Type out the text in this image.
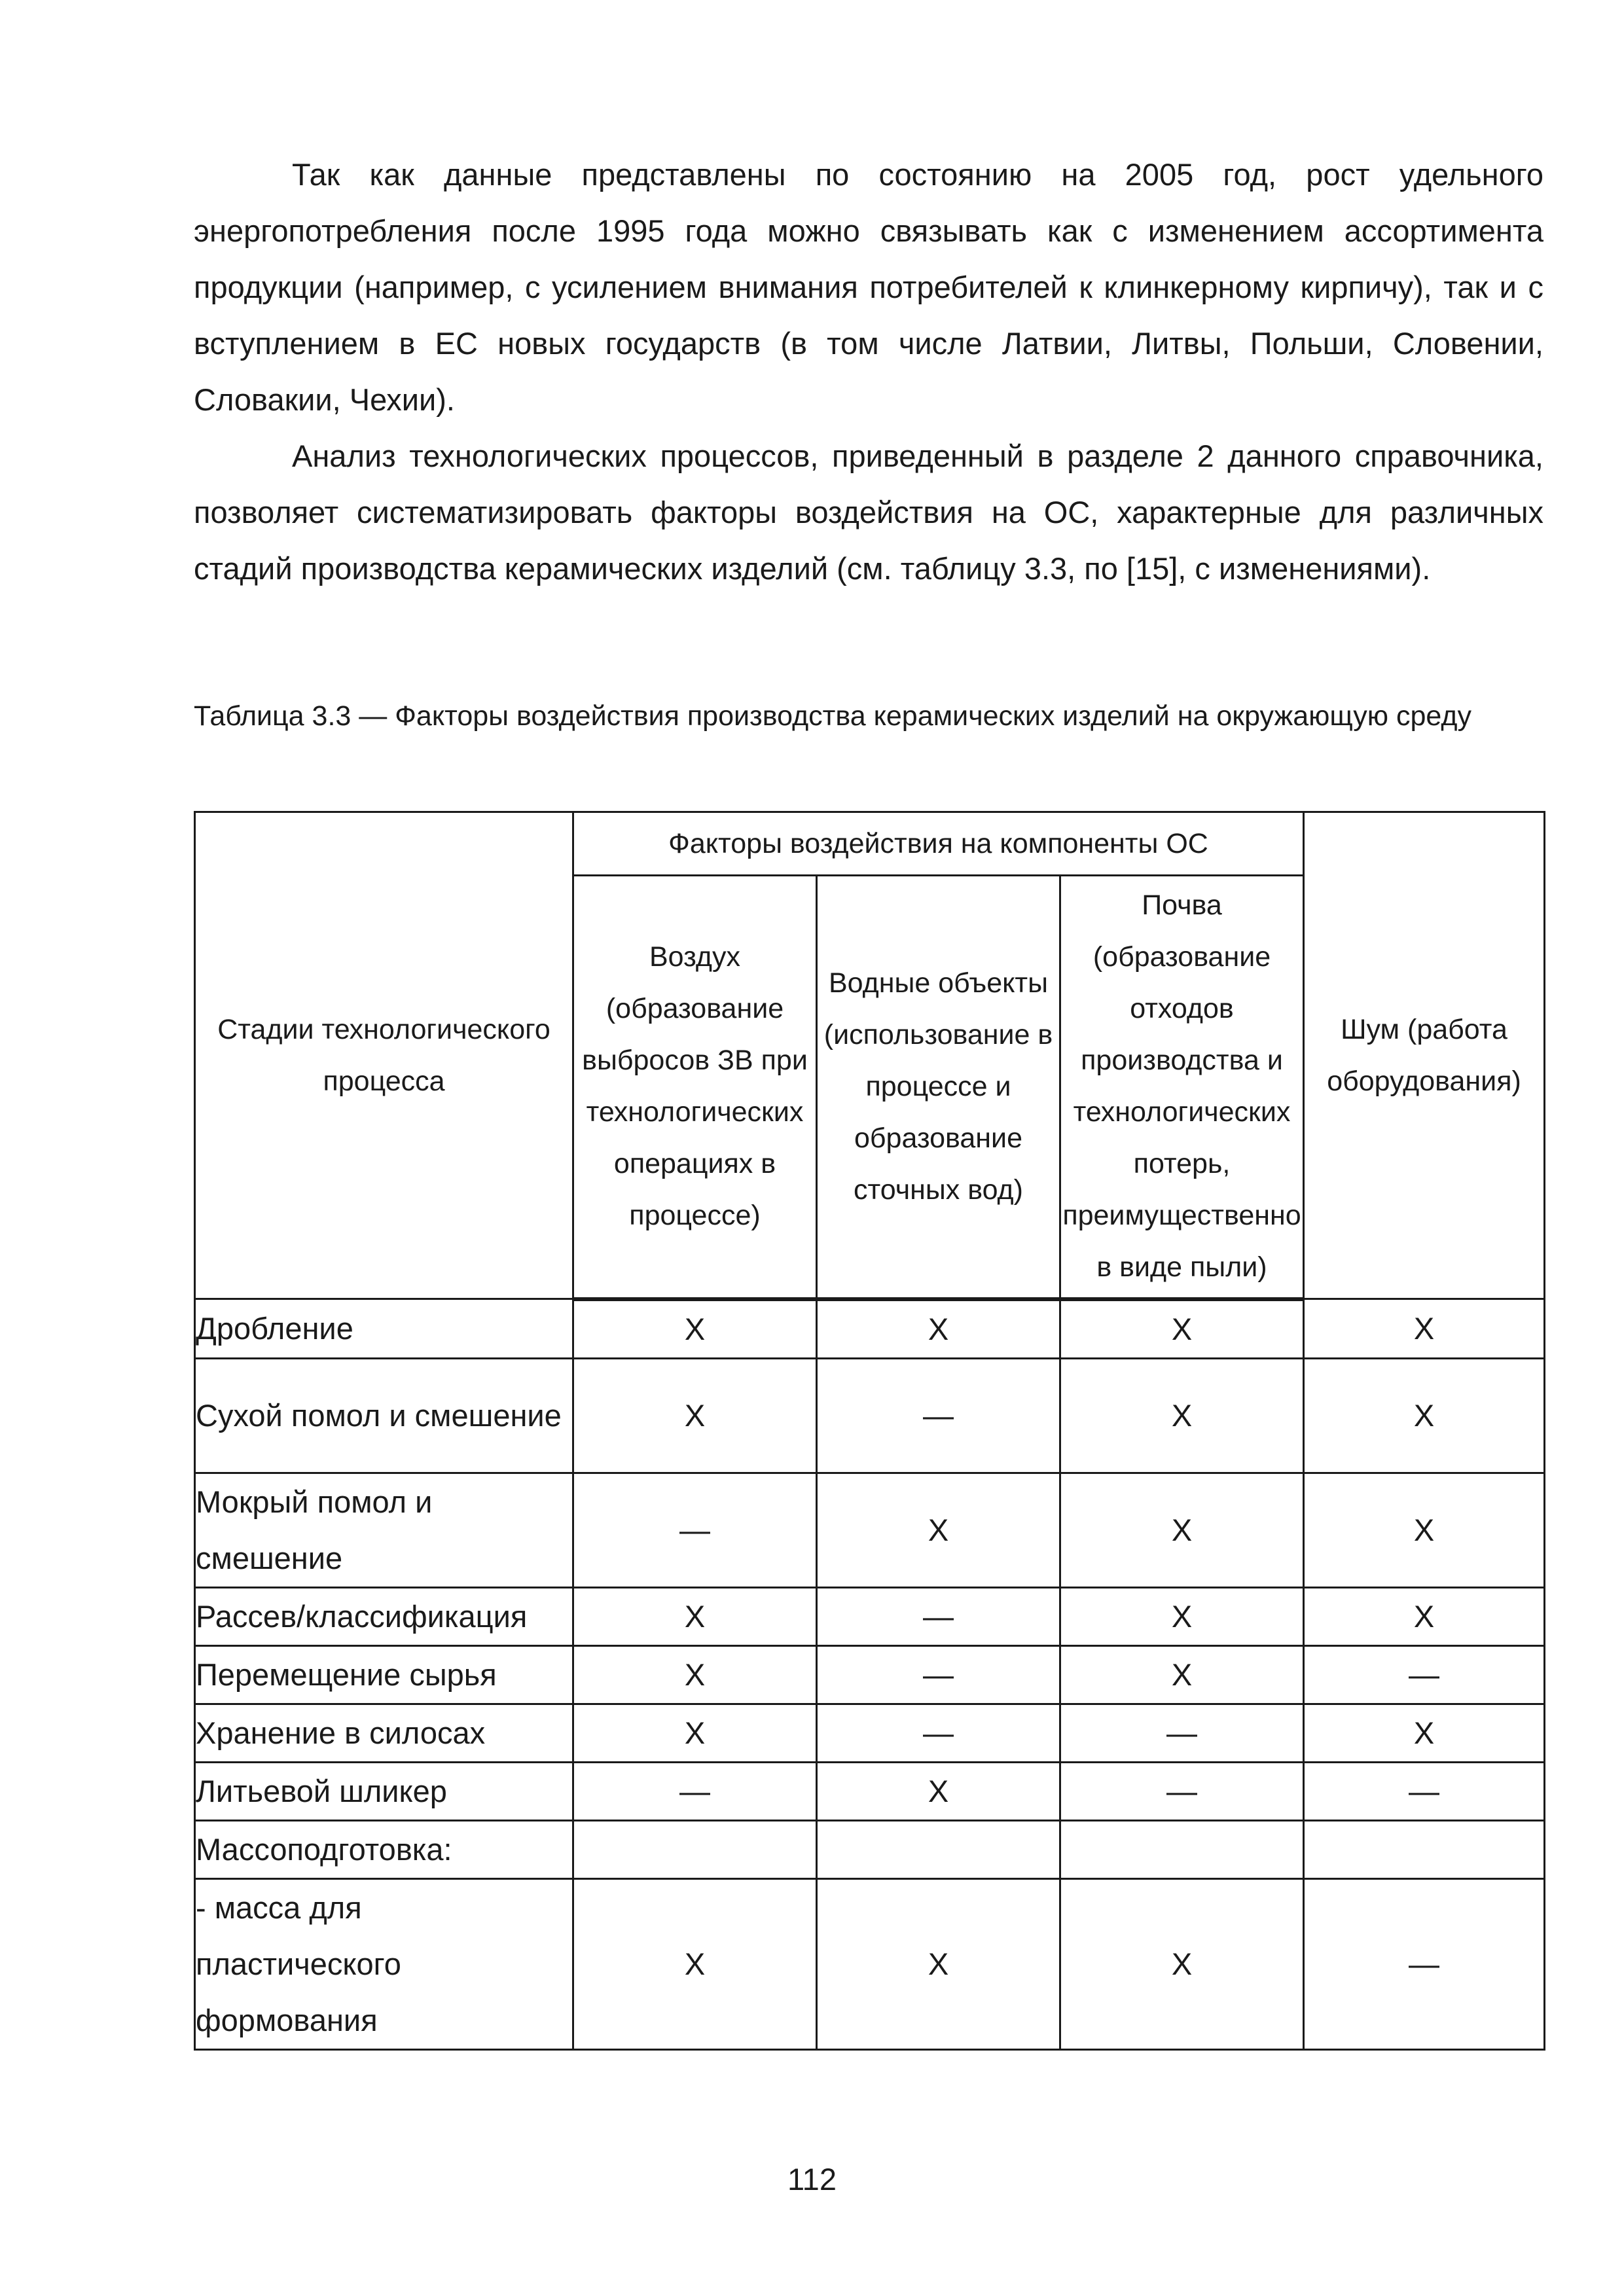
Так как данные представлены по состоянию на 2005 год, рост удельного энергопотребления после 1995 года можно связывать как с изменением ассортимента продукции (например, с усилением внимания потребителей к клинкерному кирпичу), так и с вступлением в ЕС новых государств (в том числе Латвии, Литвы, Польши, Словении, Словакии, Чехии).

Анализ технологических процессов, приведенный в разделе 2 данного справочника, позволяет систематизировать факторы воздействия на ОС, характерные для различных стадий производства керамических изделий (см. таблицу 3.3, по [15], с изменениями).

Таблица 3.3 — Факторы воздействия производства керамических изделий на окружающую среду

Стадии технологического процесса	Факторы воздействия на компоненты ОС			Шум (работа оборудования)
	Воздух (образование выбросов ЗВ при технологических операциях в процессе)	Водные объекты (использование в процессе и образование сточных вод)	Почва (образование отходов производства и технологических потерь, преимущественно в виде пыли)	
Дробление	X	X	X	X
Сухой помол и смешение	X	—	X	X
Мокрый помол и смешение	—	X	X	X
Рассев/классификация	X	—	X	X
Перемещение сырья	X	—	X	—
Хранение в силосах	X	—	—	X
Литьевой шликер	—	X	—	—
Массоподготовка:				
- масса для пластического формования	X	X	X	—

112
